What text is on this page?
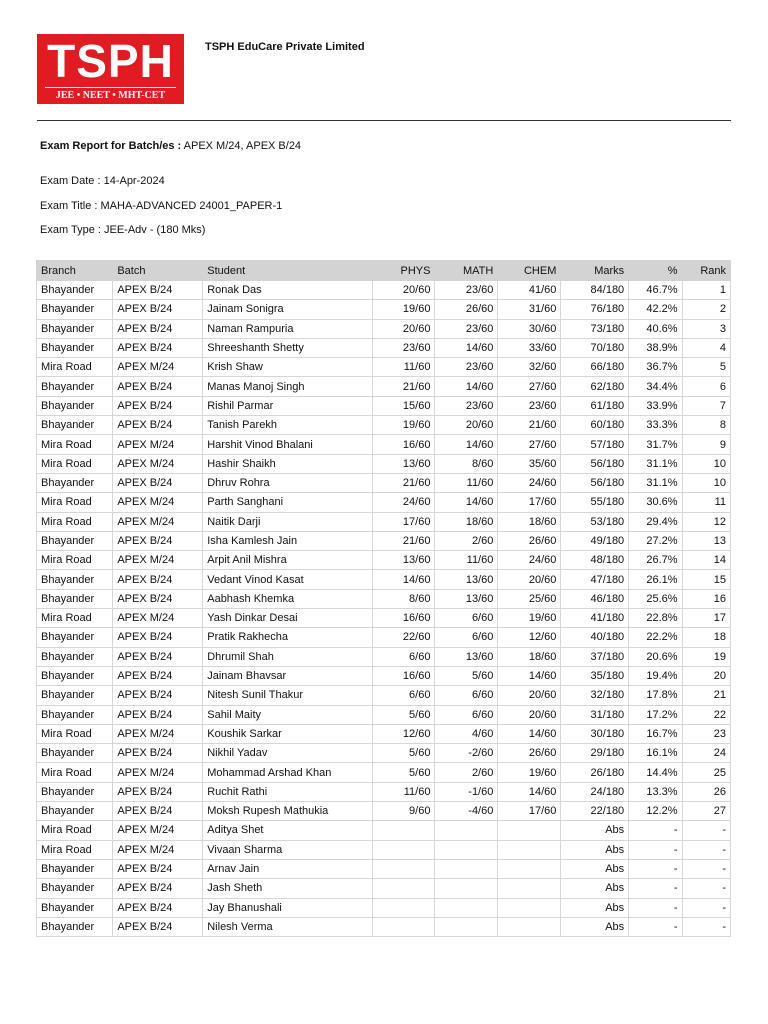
TSPH
JEE • NEET • MHT-CET
TSPH EduCare Private Limited
Exam Report for Batch/es : APEX M/24, APEX B/24
Exam Date : 14-Apr-2024
Exam Title : MAHA-ADVANCED 24001_PAPER-1
Exam Type : JEE-Adv - (180 Mks)
Branch	Batch	Student	PHYS	MATH	CHEM	Marks	%	Rank
Bhayander	APEX B/24	Ronak Das	20/60	23/60	41/60	84/180	46.7%	1
Bhayander	APEX B/24	Jainam Sonigra	19/60	26/60	31/60	76/180	42.2%	2
Bhayander	APEX B/24	Naman Rampuria	20/60	23/60	30/60	73/180	40.6%	3
Bhayander	APEX B/24	Shreeshanth Shetty	23/60	14/60	33/60	70/180	38.9%	4
Mira Road	APEX M/24	Krish Shaw	11/60	23/60	32/60	66/180	36.7%	5
Bhayander	APEX B/24	Manas Manoj Singh	21/60	14/60	27/60	62/180	34.4%	6
Bhayander	APEX B/24	Rishil Parmar	15/60	23/60	23/60	61/180	33.9%	7
Bhayander	APEX B/24	Tanish Parekh	19/60	20/60	21/60	60/180	33.3%	8
Mira Road	APEX M/24	Harshit Vinod Bhalani	16/60	14/60	27/60	57/180	31.7%	9
Mira Road	APEX M/24	Hashir Shaikh	13/60	8/60	35/60	56/180	31.1%	10
Bhayander	APEX B/24	Dhruv Rohra	21/60	11/60	24/60	56/180	31.1%	10
Mira Road	APEX M/24	Parth Sanghani	24/60	14/60	17/60	55/180	30.6%	11
Mira Road	APEX M/24	Naitik Darji	17/60	18/60	18/60	53/180	29.4%	12
Bhayander	APEX B/24	Isha Kamlesh Jain	21/60	2/60	26/60	49/180	27.2%	13
Mira Road	APEX M/24	Arpit Anil Mishra	13/60	11/60	24/60	48/180	26.7%	14
Bhayander	APEX B/24	Vedant Vinod Kasat	14/60	13/60	20/60	47/180	26.1%	15
Bhayander	APEX B/24	Aabhash Khemka	8/60	13/60	25/60	46/180	25.6%	16
Mira Road	APEX M/24	Yash Dinkar Desai	16/60	6/60	19/60	41/180	22.8%	17
Bhayander	APEX B/24	Pratik Rakhecha	22/60	6/60	12/60	40/180	22.2%	18
Bhayander	APEX B/24	Dhrumil Shah	6/60	13/60	18/60	37/180	20.6%	19
Bhayander	APEX B/24	Jainam Bhavsar	16/60	5/60	14/60	35/180	19.4%	20
Bhayander	APEX B/24	Nitesh Sunil Thakur	6/60	6/60	20/60	32/180	17.8%	21
Bhayander	APEX B/24	Sahil Maity	5/60	6/60	20/60	31/180	17.2%	22
Mira Road	APEX M/24	Koushik Sarkar	12/60	4/60	14/60	30/180	16.7%	23
Bhayander	APEX B/24	Nikhil Yadav	5/60	-2/60	26/60	29/180	16.1%	24
Mira Road	APEX M/24	Mohammad Arshad Khan	5/60	2/60	19/60	26/180	14.4%	25
Bhayander	APEX B/24	Ruchit Rathi	11/60	-1/60	14/60	24/180	13.3%	26
Bhayander	APEX B/24	Moksh Rupesh Mathukia	9/60	-4/60	17/60	22/180	12.2%	27
Mira Road	APEX M/24	Aditya Shet				Abs	-	-
Mira Road	APEX M/24	Vivaan Sharma				Abs	-	-
Bhayander	APEX B/24	Arnav Jain				Abs	-	-
Bhayander	APEX B/24	Jash Sheth				Abs	-	-
Bhayander	APEX B/24	Jay Bhanushali				Abs	-	-
Bhayander	APEX B/24	Nilesh Verma				Abs	-	-
